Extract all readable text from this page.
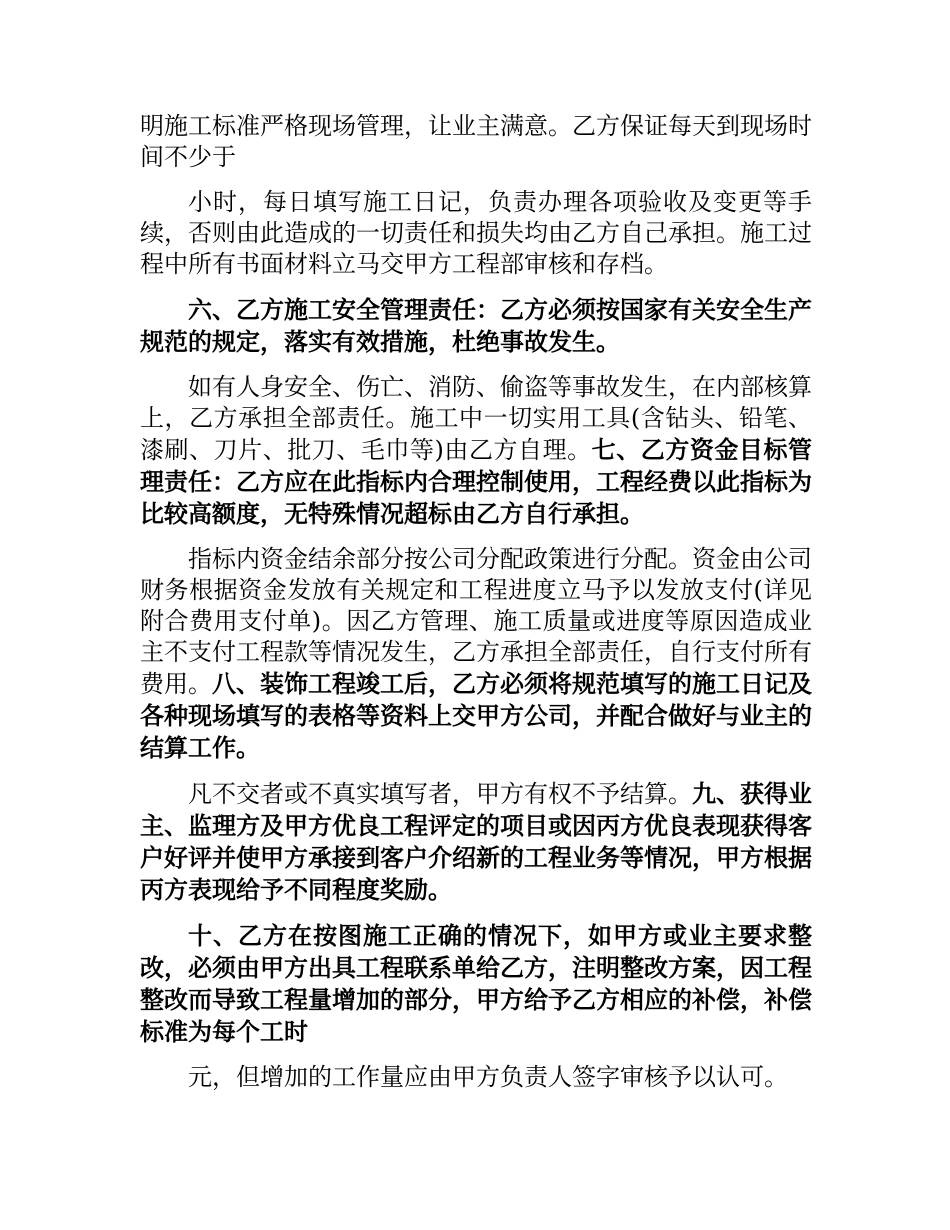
明施工标准严格现场管理，让业主满意。乙方保证每天到现场时间不少于

小时，每日填写施工日记，负责办理各项验收及变更等手续，否则由此造成的一切责任和损失均由乙方自己承担。施工过程中所有书面材料立马交甲方工程部审核和存档。

六、乙方施工安全管理责任：乙方必须按国家有关安全生产规范的规定，落实有效措施，杜绝事故发生。

如有人身安全、伤亡、消防、偷盗等事故发生，在内部核算上，乙方承担全部责任。施工中一切实用工具(含钻头、铅笔、漆刷、刀片、批刀、毛巾等)由乙方自理。七、乙方资金目标管理责任：乙方应在此指标内合理控制使用，工程经费以此指标为比较高额度，无特殊情况超标由乙方自行承担。

指标内资金结余部分按公司分配政策进行分配。资金由公司财务根据资金发放有关规定和工程进度立马予以发放支付(详见附合费用支付单)。因乙方管理、施工质量或进度等原因造成业主不支付工程款等情况发生，乙方承担全部责任，自行支付所有费用。八、装饰工程竣工后，乙方必须将规范填写的施工日记及各种现场填写的表格等资料上交甲方公司，并配合做好与业主的结算工作。

凡不交者或不真实填写者，甲方有权不予结算。九、获得业主、监理方及甲方优良工程评定的项目或因丙方优良表现获得客户好评并使甲方承接到客户介绍新的工程业务等情况，甲方根据丙方表现给予不同程度奖励。

十、乙方在按图施工正确的情况下，如甲方或业主要求整改，必须由甲方出具工程联系单给乙方，注明整改方案，因工程整改而导致工程量增加的部分，甲方给予乙方相应的补偿，补偿标准为每个工时

元，但增加的工作量应由甲方负责人签字审核予以认可。
